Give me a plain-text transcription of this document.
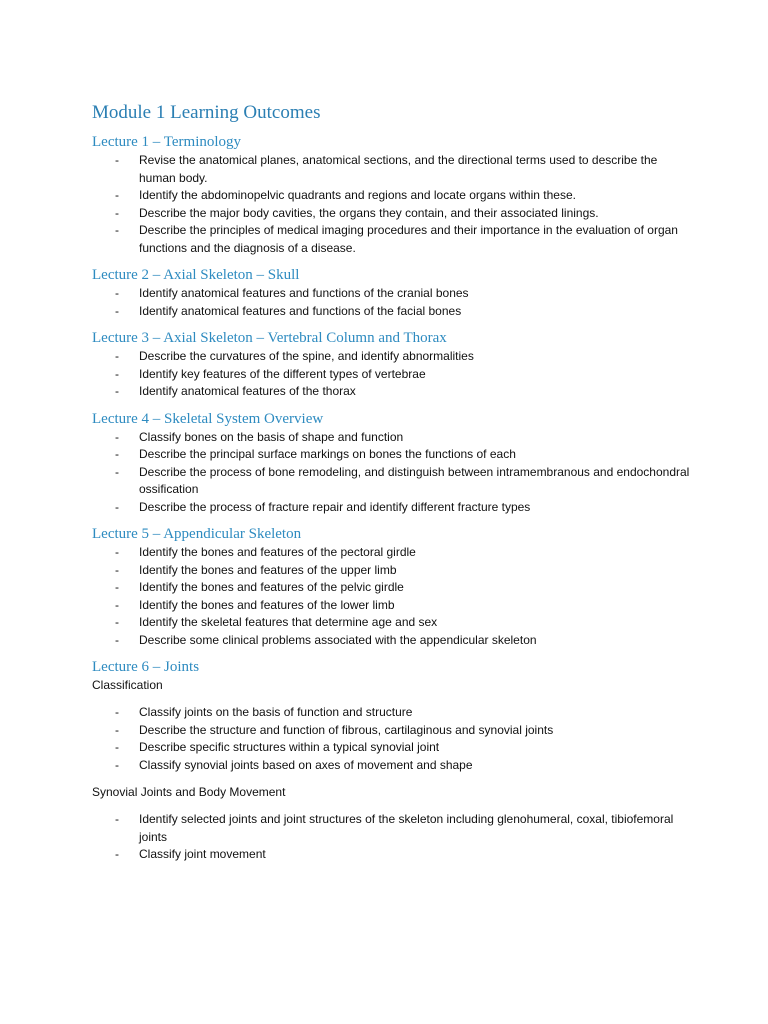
Module 1 Learning Outcomes
Lecture 1 – Terminology
- Revise the anatomical planes, anatomical sections, and the directional terms used to describe the human body.
- Identify the abdominopelvic quadrants and regions and locate organs within these.
- Describe the major body cavities, the organs they contain, and their associated linings.
- Describe the principles of medical imaging procedures and their importance in the evaluation of organ functions and the diagnosis of a disease.
Lecture 2 – Axial Skeleton – Skull
- Identify anatomical features and functions of the cranial bones
- Identify anatomical features and functions of the facial bones
Lecture 3 – Axial Skeleton – Vertebral Column and Thorax
- Describe the curvatures of the spine, and identify abnormalities
- Identify key features of the different types of vertebrae
- Identify anatomical features of the thorax
Lecture 4 – Skeletal System Overview
- Classify bones on the basis of shape and function
- Describe the principal surface markings on bones the functions of each
- Describe the process of bone remodeling, and distinguish between intramembranous and endochondral ossification
- Describe the process of fracture repair and identify different fracture types
Lecture 5 – Appendicular Skeleton
- Identify the bones and features of the pectoral girdle
- Identify the bones and features of the upper limb
- Identify the bones and features of the pelvic girdle
- Identify the bones and features of the lower limb
- Identify the skeletal features that determine age and sex
- Describe some clinical problems associated with the appendicular skeleton
Lecture 6 – Joints
Classification
- Classify joints on the basis of function and structure
- Describe the structure and function of fibrous, cartilaginous and synovial joints
- Describe specific structures within a typical synovial joint
- Classify synovial joints based on axes of movement and shape
Synovial Joints and Body Movement
- Identify selected joints and joint structures of the skeleton including glenohumeral, coxal, tibiofemoral joints
- Classify joint movement
